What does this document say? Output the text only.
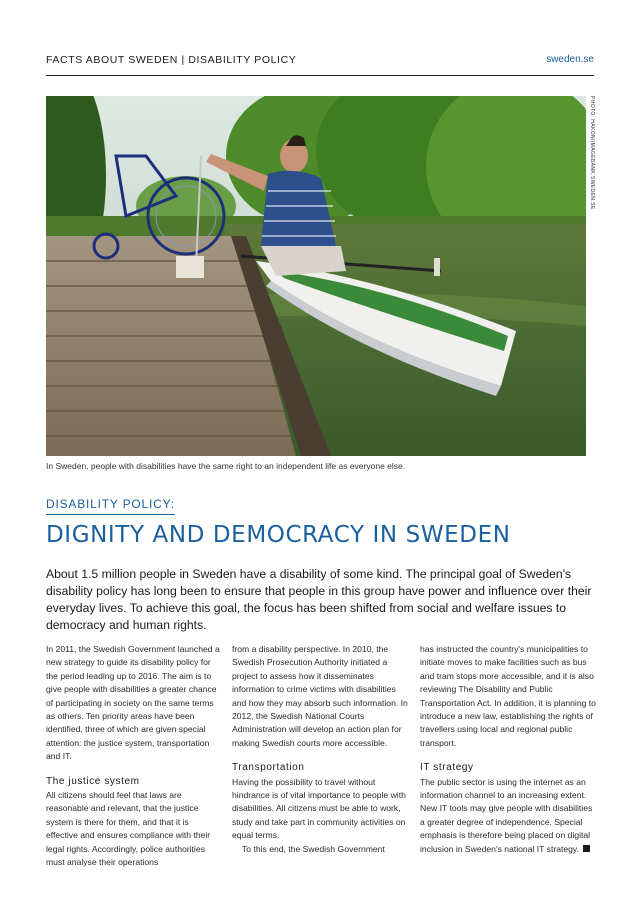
FACTS ABOUT SWEDEN | DISABILITY POLICY	sweden.se
PHOTO: HAKON/IMAGEBANK.SWEDEN.SE
In Sweden, people with disabilities have the same right to an independent life as everyone else.
DISABILITY POLICY:
DIGNITY AND DEMOCRACY IN SWEDEN

About 1.5 million people in Sweden have a disability of some kind. The principal goal of Sweden's disability policy has long been to ensure that people in this group have power and influence over their everyday lives. To achieve this goal, the focus has been shifted from social and welfare issues to democracy and human rights.

In 2011, the Swedish Government launched a new strategy to guide its disability policy for the period leading up to 2016. The aim is to give people with disabilities a greater chance of participating in society on the same terms as others. Ten priority areas have been identified, three of which are given special attention: the justice system, transportation and IT.

The justice system

All citizens should feel that laws are reasonable and relevant, that the justice system is there for them, and that it is effective and ensures compliance with their legal rights. Accordingly, police authorities must analyse their operations

from a disability perspective. In 2010, the Swedish Prosecution Authority initiated a project to assess how it disseminates information to crime victims with disabilities and how they may absorb such information. In 2012, the Swedish National Courts Administration will develop an action plan for making Swedish courts more accessible.

Transportation

Having the possibility to travel without hindrance is of vital importance to people with disabilities. All citizens must be able to work, study and take part in community activities on equal terms.

To this end, the Swedish Government

has instructed the country's municipalities to initiate moves to make facilities such as bus and tram stops more accessible, and it is also reviewing The Disability and Public Transportation Act. In addition, it is planning to introduce a new law, establishing the rights of travellers using local and regional public transport.

IT strategy

The public sector is using the internet as an information channel to an increasing extent. New IT tools may give people with disabilities a greater degree of independence. Special emphasis is therefore being placed on digital inclusion in Sweden's national IT strategy.
